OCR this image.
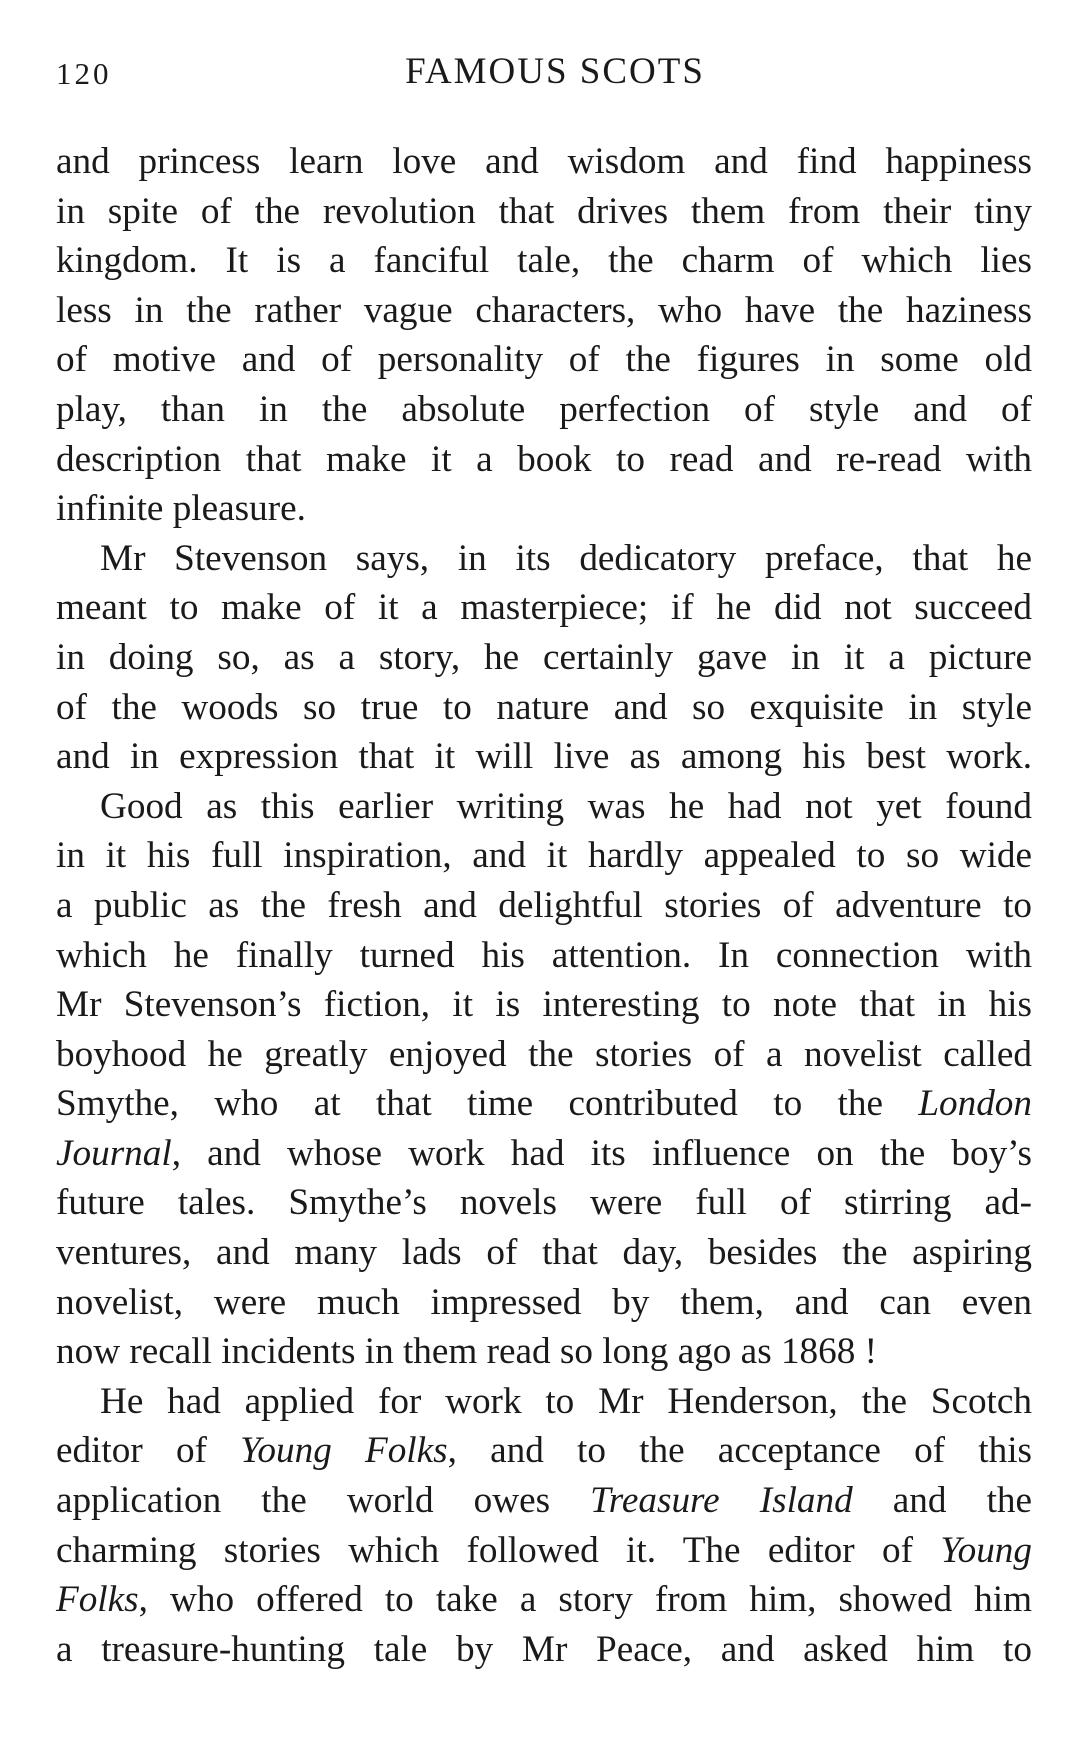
120	FAMOUS SCOTS
and princess learn love and wisdom and find happiness
in spite of the revolution that drives them from their tiny
kingdom. It is a fanciful tale, the charm of which lies
less in the rather vague characters, who have the haziness
of motive and of personality of the figures in some old
play, than in the absolute perfection of style and of
description that make it a book to read and re-read with
infinite pleasure.
Mr Stevenson says, in its dedicatory preface, that he
meant to make of it a masterpiece; if he did not succeed
in doing so, as a story, he certainly gave in it a picture
of the woods so true to nature and so exquisite in style
and in expression that it will live as among his best work.
Good as this earlier writing was he had not yet found
in it his full inspiration, and it hardly appealed to so wide
a public as the fresh and delightful stories of adventure to
which he finally turned his attention. In connection with
Mr Stevenson’s fiction, it is interesting to note that in his
boyhood he greatly enjoyed the stories of a novelist called
Smythe, who at that time contributed to the London
Journal, and whose work had its influence on the boy’s
future tales. Smythe’s novels were full of stirring ad-
ventures, and many lads of that day, besides the aspiring
novelist, were much impressed by them, and can even
now recall incidents in them read so long ago as 1868 !
He had applied for work to Mr Henderson, the Scotch
editor of Young Folks, and to the acceptance of this
application the world owes Treasure Island and the
charming stories which followed it. The editor of Young
Folks, who offered to take a story from him, showed him
a treasure-hunting tale by Mr Peace, and asked him to
